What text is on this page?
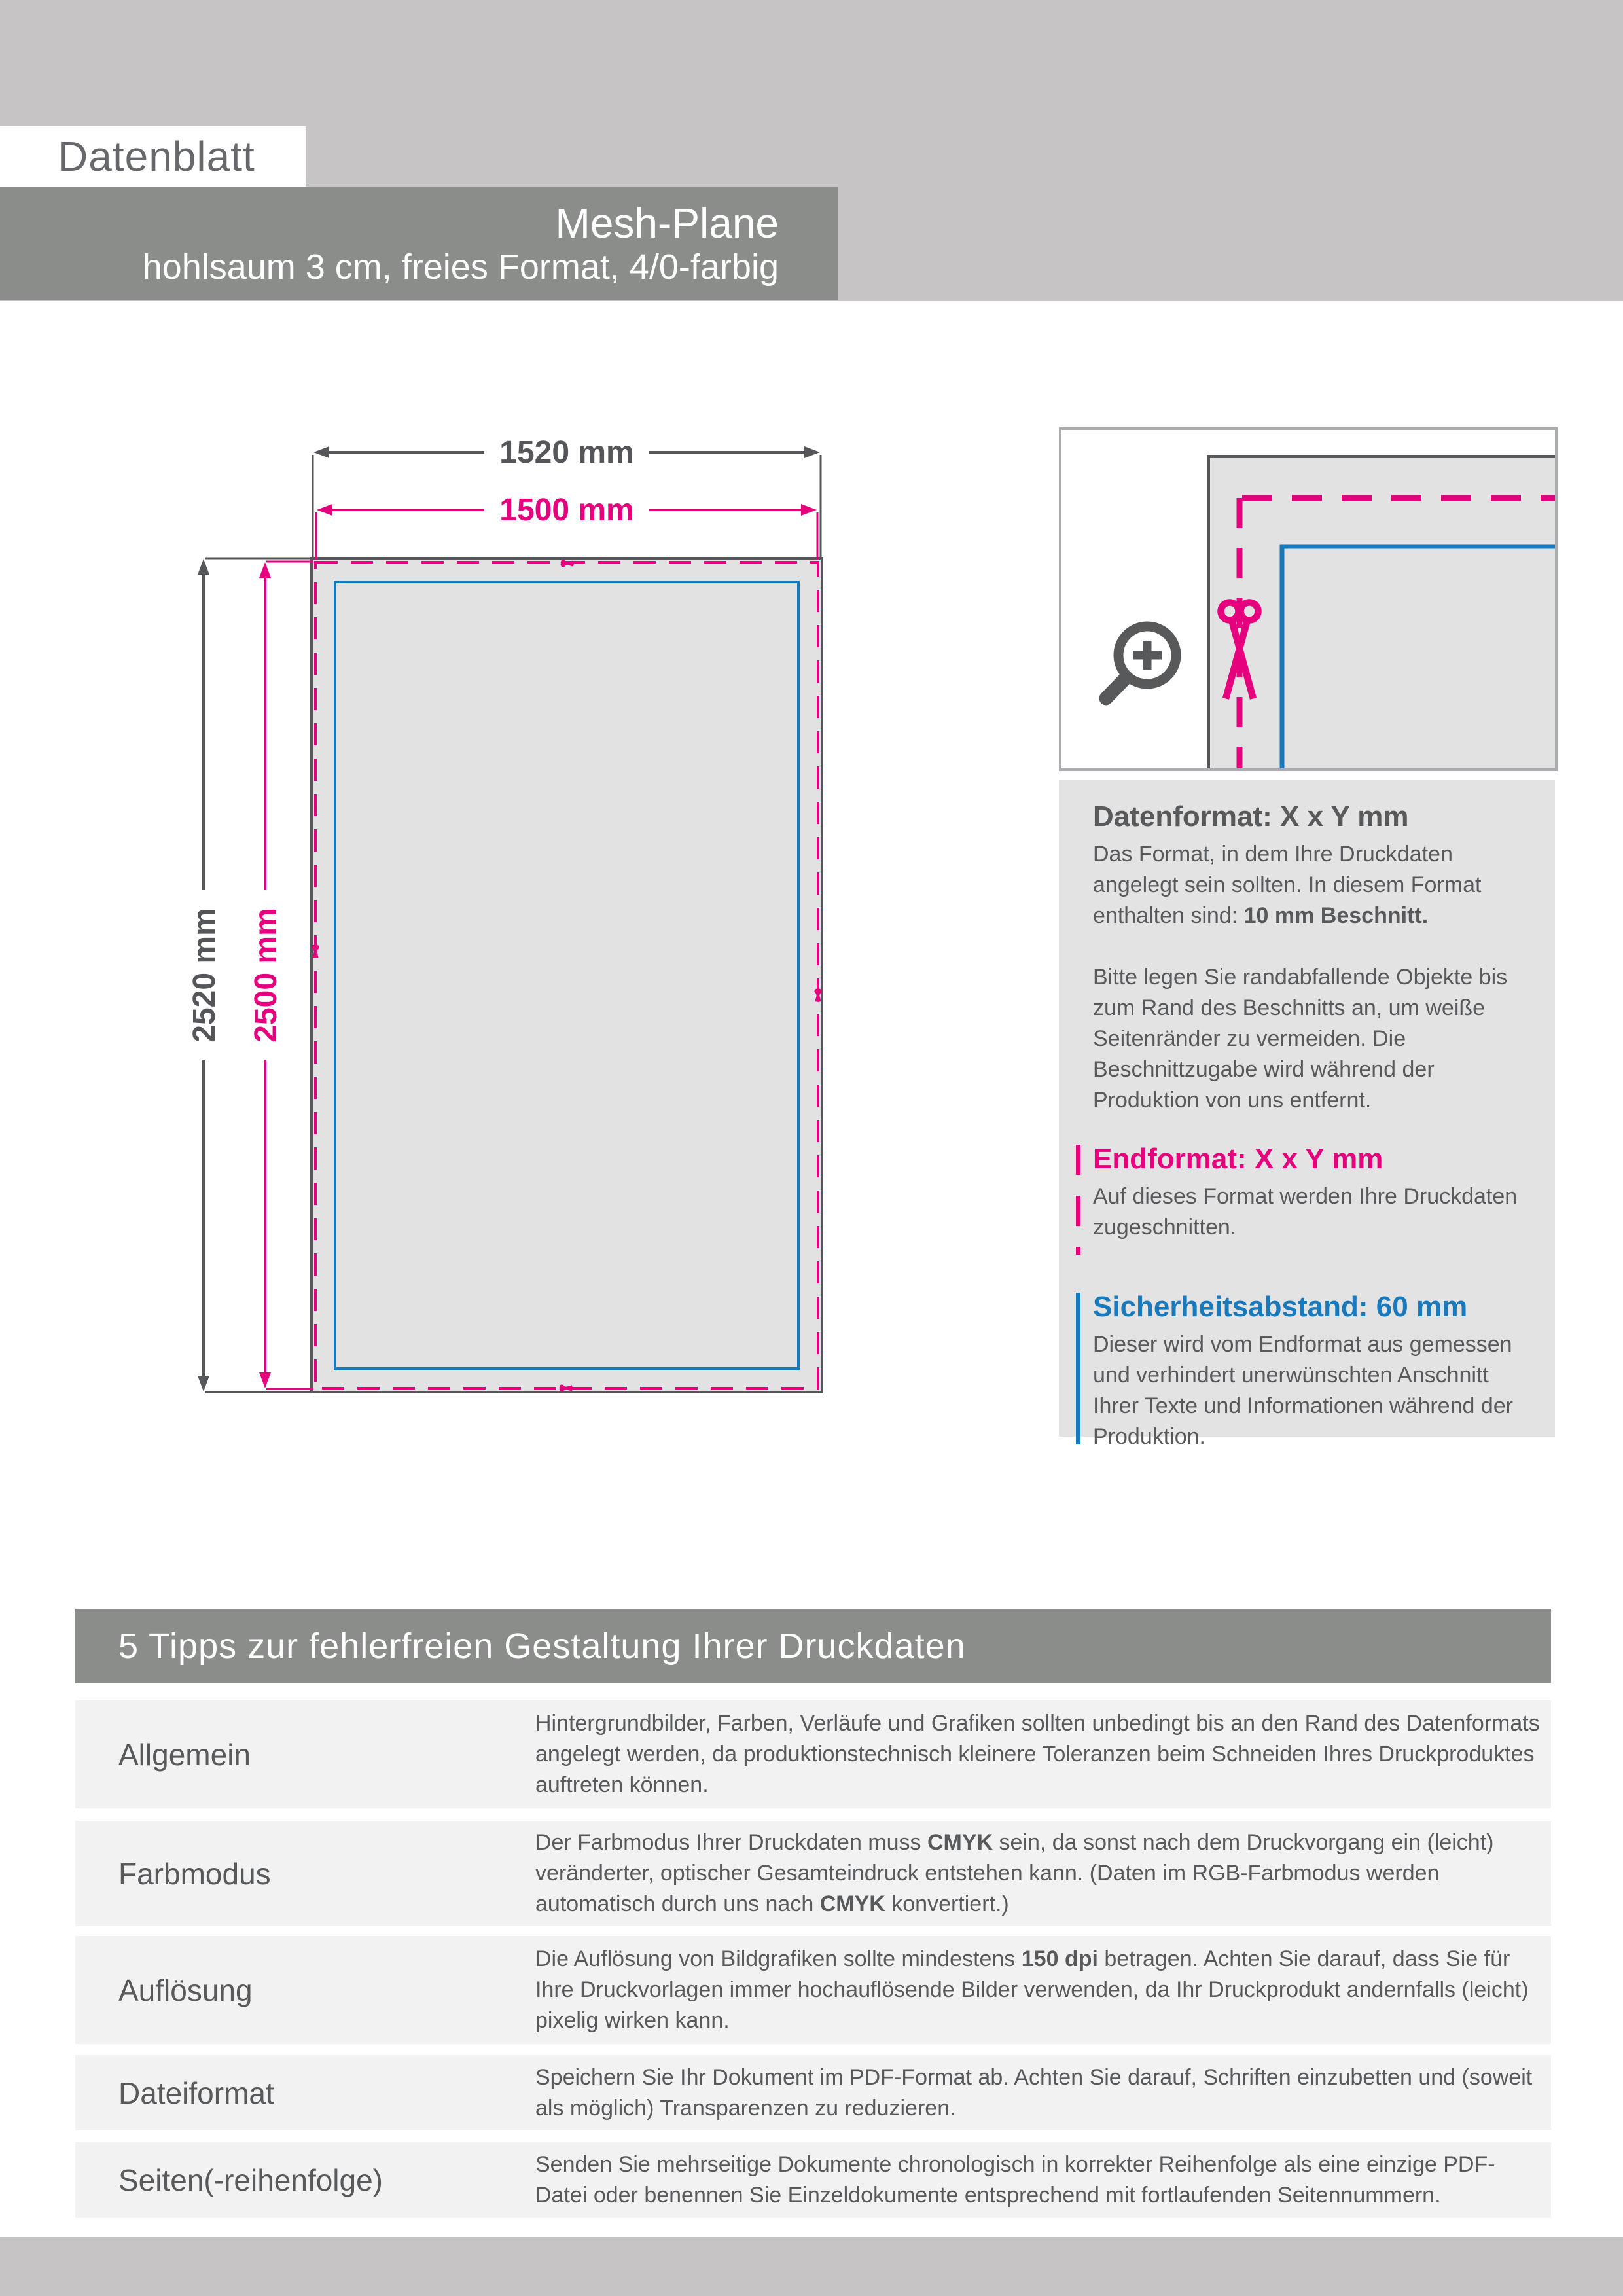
Datenblatt
Mesh-Plane
hohlsaum 3 cm, freies Format, 4/0-farbig
1520 mm
1500 mm
2520 mm 2500 mm
Datenformat: X x Y mm

Das Format, in dem Ihre Druckdaten angelegt sein sollten. In diesem Format enthalten sind: 10 mm Beschnitt.

Bitte legen Sie randabfallende Objekte bis zum Rand des Beschnitts an, um weiße Seitenränder zu vermeiden. Die Beschnittzugabe wird während der Produktion von uns entfernt.

Endformat: X x Y mm

Auf dieses Format werden Ihre Druckdaten zugeschnitten.

Sicherheitsabstand: 60 mm

Dieser wird vom Endformat aus gemessen und verhindert unerwünschten Anschnitt Ihrer Texte und Informationen während der Produktion.

5 Tipps zur fehlerfreien Gestaltung Ihrer Druckdaten
Allgemein

Hintergrundbilder, Farben, Verläufe und Grafiken sollten unbedingt bis an den Rand des Datenformats angelegt werden, da produktionstechnisch kleinere Toleranzen beim Schneiden Ihres Druckproduktes auftreten können.

Farbmodus

Der Farbmodus Ihrer Druckdaten muss CMYK sein, da sonst nach dem Druckvorgang ein (leicht) veränderter, optischer Gesamteindruck entstehen kann. (Daten im RGB-Farbmodus werden automatisch durch uns nach CMYK konvertiert.)

Auflösung

Die Auflösung von Bildgrafiken sollte mindestens 150 dpi betragen. Achten Sie darauf, dass Sie für Ihre Druckvorlagen immer hochauflösende Bilder verwenden, da Ihr Druckprodukt andernfalls (leicht) pixelig wirken kann.

Dateiformat	Speichern Sie Ihr Dokument im PDF-Format ab. Achten Sie darauf, Schriften einzubetten und (soweit als möglich) Transparenzen zu reduzieren.

Seiten(-reihenfolge)	Senden Sie mehrseitige Dokumente chronologisch in korrekter Reihenfolge als eine einzige PDF-Datei oder benennen Sie Einzeldokumente entsprechend mit fortlaufenden Seitennummern.
